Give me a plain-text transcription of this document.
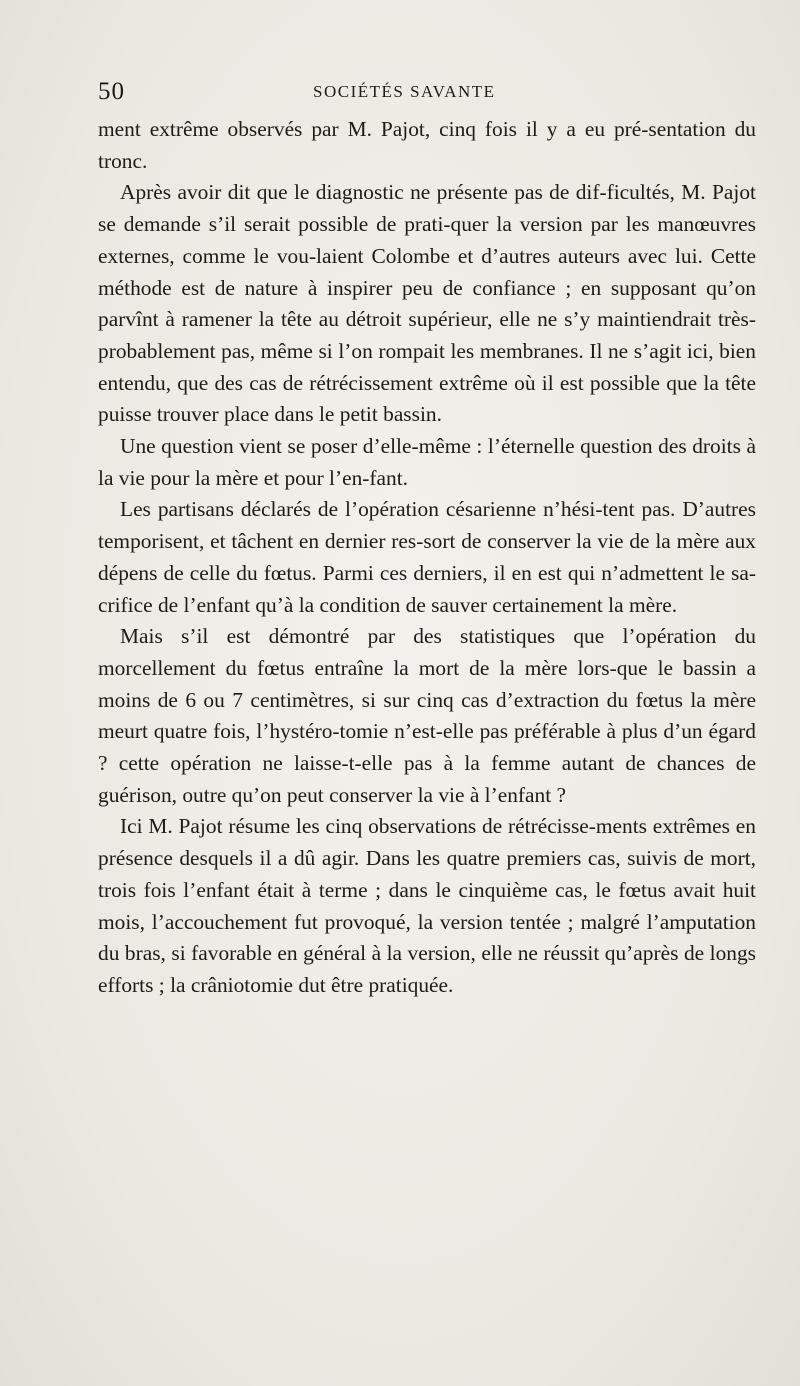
50	SOCIÉTÉS SAVANTE

ment extrême observés par M. Pajot, cinq fois il y a eu pré-sentation du tronc.

Après avoir dit que le diagnostic ne présente pas de dif-ficultés, M. Pajot se demande s’il serait possible de prati-quer la version par les manœuvres externes, comme le vou-laient Colombe et d’autres auteurs avec lui. Cette méthode est de nature à inspirer peu de confiance ; en supposant qu’on parvînt à ramener la tête au détroit supérieur, elle ne s’y maintiendrait très-probablement pas, même si l’on rompait les membranes. Il ne s’agit ici, bien entendu, que des cas de rétrécissement extrême où il est possible que la tête puisse trouver place dans le petit bassin.

Une question vient se poser d’elle-même : l’éternelle question des droits à la vie pour la mère et pour l’en-fant.

Les partisans déclarés de l’opération césarienne n’hési-tent pas. D’autres temporisent, et tâchent en dernier res-sort de conserver la vie de la mère aux dépens de celle du fœtus. Parmi ces derniers, il en est qui n’admettent le sa-crifice de l’enfant qu’à la condition de sauver certainement la mère.

Mais s’il est démontré par des statistiques que l’opération du morcellement du fœtus entraîne la mort de la mère lors-que le bassin a moins de 6 ou 7 centimètres, si sur cinq cas d’extraction du fœtus la mère meurt quatre fois, l’hystéro-tomie n’est-elle pas préférable à plus d’un égard ? cette opération ne laisse-t-elle pas à la femme autant de chances de guérison, outre qu’on peut conserver la vie à l’enfant ?

Ici M. Pajot résume les cinq observations de rétrécisse-ments extrêmes en présence desquels il a dû agir. Dans les quatre premiers cas, suivis de mort, trois fois l’enfant était à terme ; dans le cinquième cas, le fœtus avait huit mois, l’accouchement fut provoqué, la version tentée ; malgré l’amputation du bras, si favorable en général à la version, elle ne réussit qu’après de longs efforts ; la crâniotomie dut être pratiquée.
